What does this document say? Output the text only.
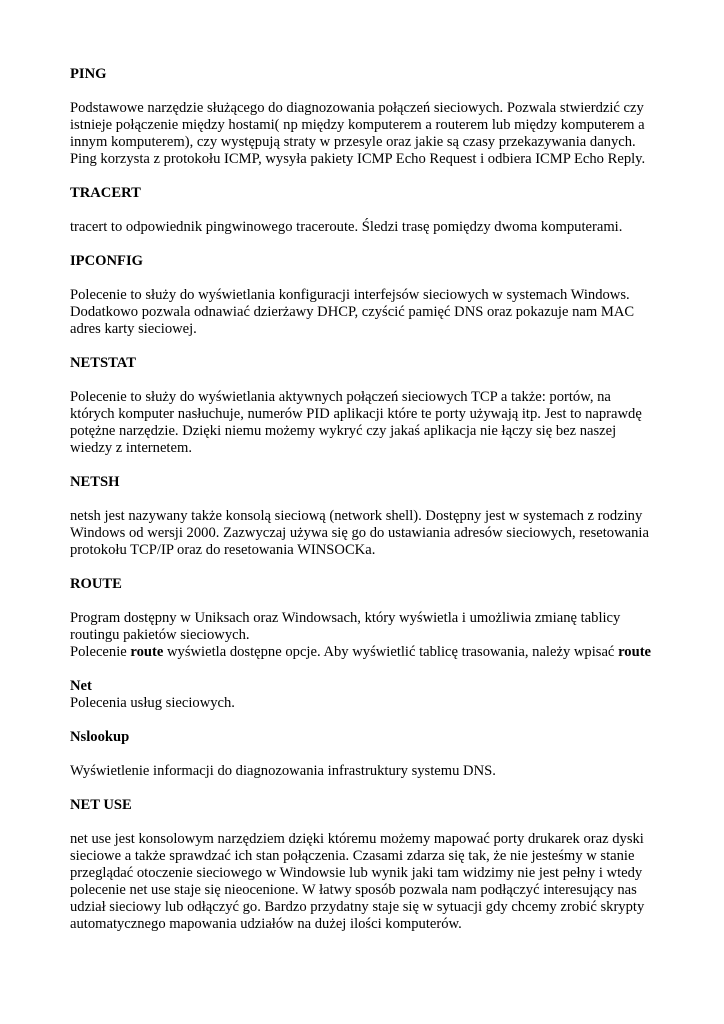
PING
Podstawowe narzędzie służącego do diagnozowania połączeń sieciowych. Pozwala stwierdzić czy
istnieje połączenie między hostami( np między komputerem a routerem lub między komputerem a
innym komputerem), czy występują straty w przesyle oraz jakie są czasy przekazywania danych.
Ping korzysta z protokołu ICMP, wysyła pakiety ICMP Echo Request i odbiera ICMP Echo Reply.
TRACERT
tracert to odpowiednik pingwinowego traceroute. Śledzi trasę pomiędzy dwoma komputerami.
IPCONFIG
Polecenie to służy do wyświetlania konfiguracji interfejsów sieciowych w systemach Windows.
Dodatkowo pozwala odnawiać dzierżawy DHCP, czyścić pamięć DNS oraz pokazuje nam MAC
adres karty sieciowej.
NETSTAT
Polecenie to służy do wyświetlania aktywnych połączeń sieciowych TCP a także: portów, na
których komputer nasłuchuje, numerów PID aplikacji które te porty używają itp. Jest to naprawdę
potężne narzędzie. Dzięki niemu możemy wykryć czy jakaś aplikacja nie łączy się bez naszej
wiedzy z internetem.
NETSH
netsh jest nazywany także konsolą sieciową (network shell). Dostępny jest w systemach z rodziny
Windows od wersji 2000. Zazwyczaj używa się go do ustawiania adresów sieciowych, resetowania
protokołu TCP/IP oraz do resetowania WINSOCKa.
ROUTE
Program dostępny w Uniksach oraz Windowsach, który wyświetla i umożliwia zmianę tablicy
routingu pakietów sieciowych.
Polecenie route wyświetla dostępne opcje. Aby wyświetlić tablicę trasowania, należy wpisać route
Net
Polecenia usług sieciowych.
Nslookup
Wyświetlenie informacji do diagnozowania infrastruktury systemu DNS.
NET USE
net use jest konsolowym narzędziem dzięki któremu możemy mapować porty drukarek oraz dyski
sieciowe a także sprawdzać ich stan połączenia. Czasami zdarza się tak, że nie jesteśmy w stanie
przeglądać otoczenie sieciowego w Windowsie lub wynik jaki tam widzimy nie jest pełny i wtedy
polecenie net use staje się nieocenione. W łatwy sposób pozwala nam podłączyć interesujący nas
udział sieciowy lub odłączyć go. Bardzo przydatny staje się w sytuacji gdy chcemy zrobić skrypty
automatycznego mapowania udziałów na dużej ilości komputerów.
